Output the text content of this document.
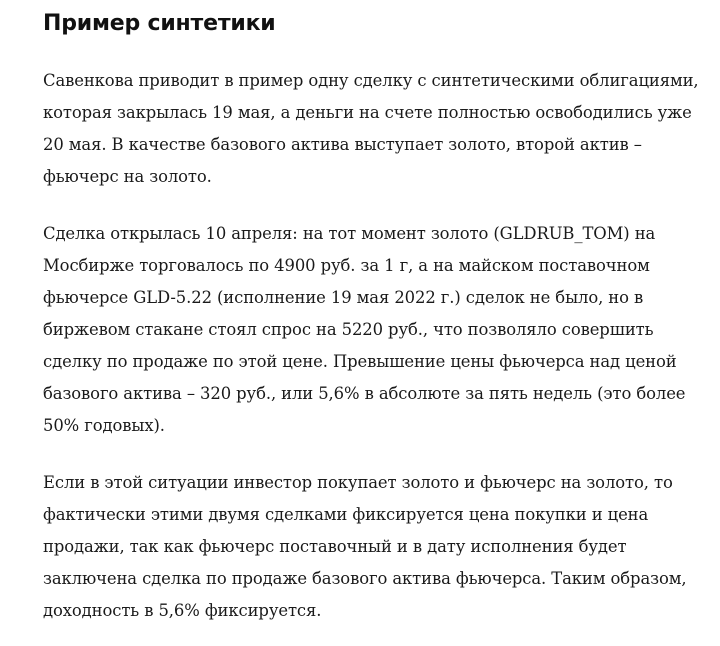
Пример синтетики

Савенкова приводит в пример одну сделку с синтетическими облигациями, которая закрылась 19 мая, а деньги на счете полностью освободились уже 20 мая. В качестве базового актива выступает золото, второй актив – фьючерс на золото.

Сделка открылась 10 апреля: на тот момент золото (GLDRUB_TOM) на Мосбирже торговалось по 4900 руб. за 1 г, а на майском поставочном фьючерсе GLD-5.22 (исполнение 19 мая 2022 г.) сделок не было, но в биржевом стакане стоял спрос на 5220 руб., что позволяло совершить сделку по продаже по этой цене. Превышение цены фьючерса над ценой базового актива – 320 руб., или 5,6% в абсолюте за пять недель (это более 50% годовых).

Если в этой ситуации инвестор покупает золото и фьючерс на золото, то фактически этими двумя сделками фиксируется цена покупки и цена продажи, так как фьючерс поставочный и в дату исполнения будет заключена сделка по продаже базового актива фьючерса. Таким образом, доходность в 5,6% фиксируется.
